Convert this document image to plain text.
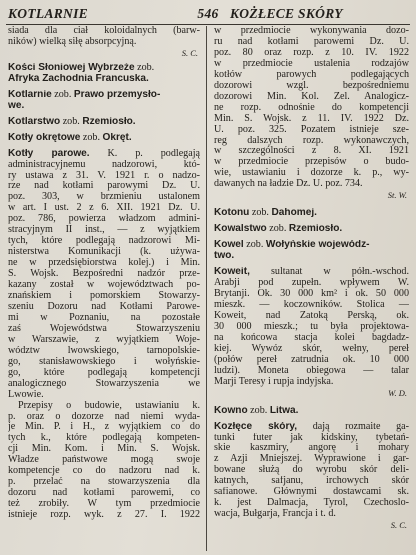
KOTLARNIE	546 KOŻŁECE SKÓRY
siada dla ciał koloidalnych (barw-
ników) wielką siłę absorpcyjną.
S. C.
Kości Słoniowej Wybrzeże zob.
Afryka Zachodnia Francuska.
Kotlarnie zob. Prawo przemysło-
we.
Kotlarstwo zob. Rzemiosło.
Kotły okrętowe zob. Okręt.
Kotły parowe. K. p. podlegają
administracyjnemu nadzorowi, któ-
ry ustawa z 31. V. 1921 r. o nadzo-
rze nad kotłami parowymi Dz. U.
poz. 303, w brzmieniu ustalonem
w art. I ust. 2 z 6. XII. 1921 Dz. U.
poz. 786, powierza władzom admini-
stracyjnym II inst., — z wyjątkiem
tych, które podlegają nadzorowi Mi-
nisterstwa Komunikacji (k. używa-
ne w przedsiębiorstwa kolej.) i Min.
S. Wojsk. Bezpośredni nadzór prze-
kazany został w województwach po-
znańskiem i pomorskiem Stowarzy-
szeniu Dozoru nad Kotłami Parowe-
mi w Poznaniu, na pozostałe
zaś Wojewódstwa Stowarzyszeniu
w Warszawie, z wyjątkiem Woje-
wództw lwowskiego, tarnopolskie-
go, stanisławowskiego i wołyńskie-
go, które podlegają kompetencji
analogicznego Stowarzyszenia we
Lwowie.
Przepisy o budowie, ustawianiu k.
p. oraz o dozorze nad niemi wyda-
je Min. P. i H., z wyjątkiem co do
tych k., które podlegają kompeten-
cji Min. Kom. i Min. S. Wojsk.
Władze państwowe mogą swoje
kompetencje co do nadzoru nad k.
p. przelać na stowarzyszenia dla
dozoru nad kotłami parowemi, co
też zrobiły. W tym przedmiocie
istnieje rozp. wyk. z 27. I. 1922
w przedmiocie wykonywania dozo-
ru nad kotłami parowemi Dz. U.
poz. 80 oraz rozp. z 10. IV. 1922
w przedmiocie ustalenia rodzajów
kotłów parowych podlegających
dozorowi wzgl. bezpośredniemu
dozorowi Min. Kol. Żel. Analogicz-
ne rozp. odnośnie do kompetencji
Min. S. Wojsk. z 11. IV. 1922 Dz.
U. poz. 325. Pozatem istnieje sze-
reg dalszych rozp. wykonawczych,
w szczególności z 8. XI. 1921
w przedmiocie przepisów o budo-
wie, ustawianiu i dozorze k. p., wy-
dawanych na ładzie Dz. U. poz. 734.
St. W.
Kotonu zob. Dahomej.
Kowalstwo zob. Rzemiosło.
Kowel zob. Wołyńskie wojewódz-
two.
Koweit, sultanat w półn.-wschod.
Arabji pod zupełn. wpływem W.
Brytanji. Ok. 30 000 km² i ok. 50 000
mieszk. — koczowników. Stolica —
Koweit, nad Zatoką Perską, ok.
30 000 mieszk.; tu była projektowa-
na końcowa stacja kolei bagdadz-
kiej. Wywóz skór, wełny, pereł
(połów pereł zatrudnia ok. 10 000
ludzi). Moneta obiegowa — talar
Marji Teresy i rupja indyjska.
W. D.
Kowno zob. Litwa.
Kozłęce skóry, dają rozmaite ga-
tunki futer jak kidskiny, tybetań-
skie kaszmiry, angorę i mohary
z Azji Mniejszej. Wyprawione i gar-
bowane służą do wyrobu skór deli-
katnych, safjanu, irchowych skór
safianowe. Głównymi dostawcami sk.
k. jest Dalmacja, Tyrol, Czechoslo-
wacja, Bułgarja, Francja i t. d.
S. C.
